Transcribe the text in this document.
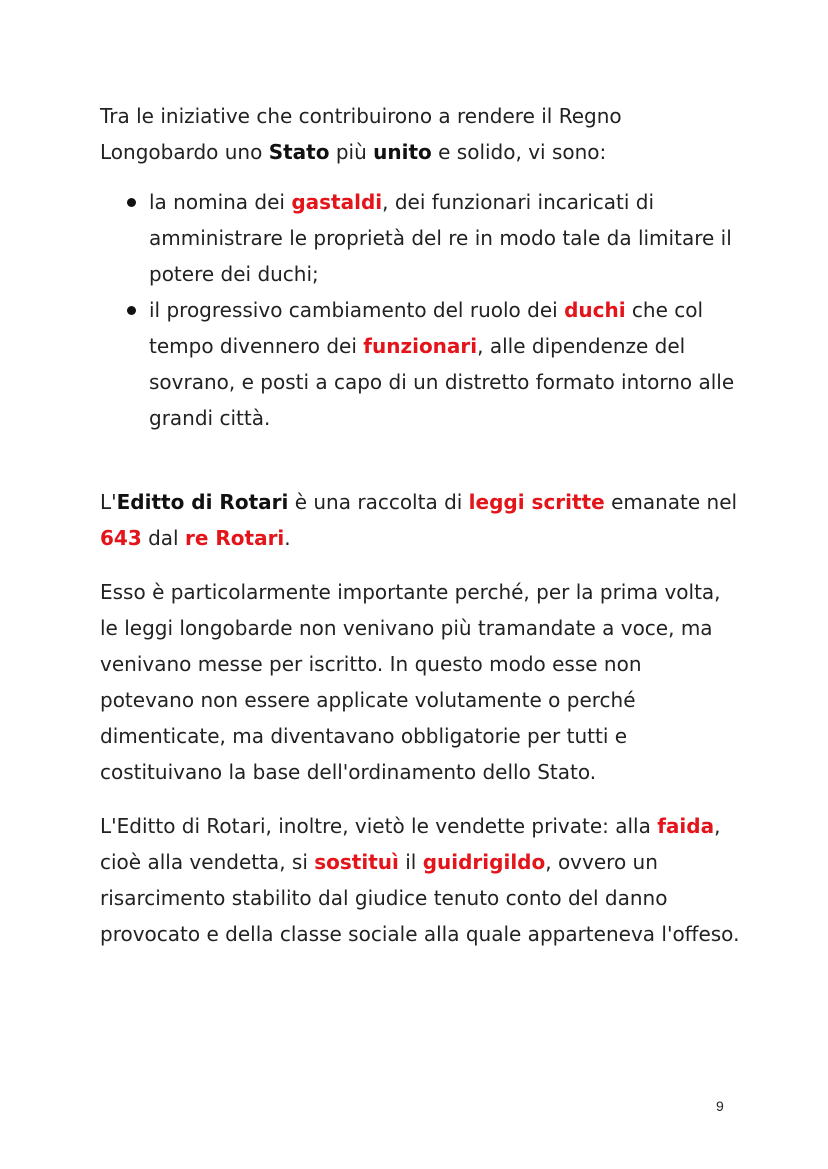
Tra le iniziative che contribuirono a rendere il Regno Longobardo uno Stato più unito e solido, vi sono:

la nomina dei gastaldi, dei funzionari incaricati di amministrare le proprietà del re in modo tale da limitare il potere dei duchi;
il progressivo cambiamento del ruolo dei duchi che col tempo divennero dei funzionari, alle dipendenze del sovrano, e posti a capo di un distretto formato intorno alle grandi città.

L'Editto di Rotari è una raccolta di leggi scritte emanate nel 643 dal re Rotari.

Esso è particolarmente importante perché, per la prima volta, le leggi longobarde non venivano più tramandate a voce, ma venivano messe per iscritto. In questo modo esse non potevano non essere applicate volutamente o perché dimenticate, ma diventavano obbligatorie per tutti e costituivano la base dell'ordinamento dello Stato.

L'Editto di Rotari, inoltre, vietò le vendette private: alla faida, cioè alla vendetta, si sostituì il guidrigildo, ovvero un risarcimento stabilito dal giudice tenuto conto del danno provocato e della classe sociale alla quale apparteneva l'offeso.

9
